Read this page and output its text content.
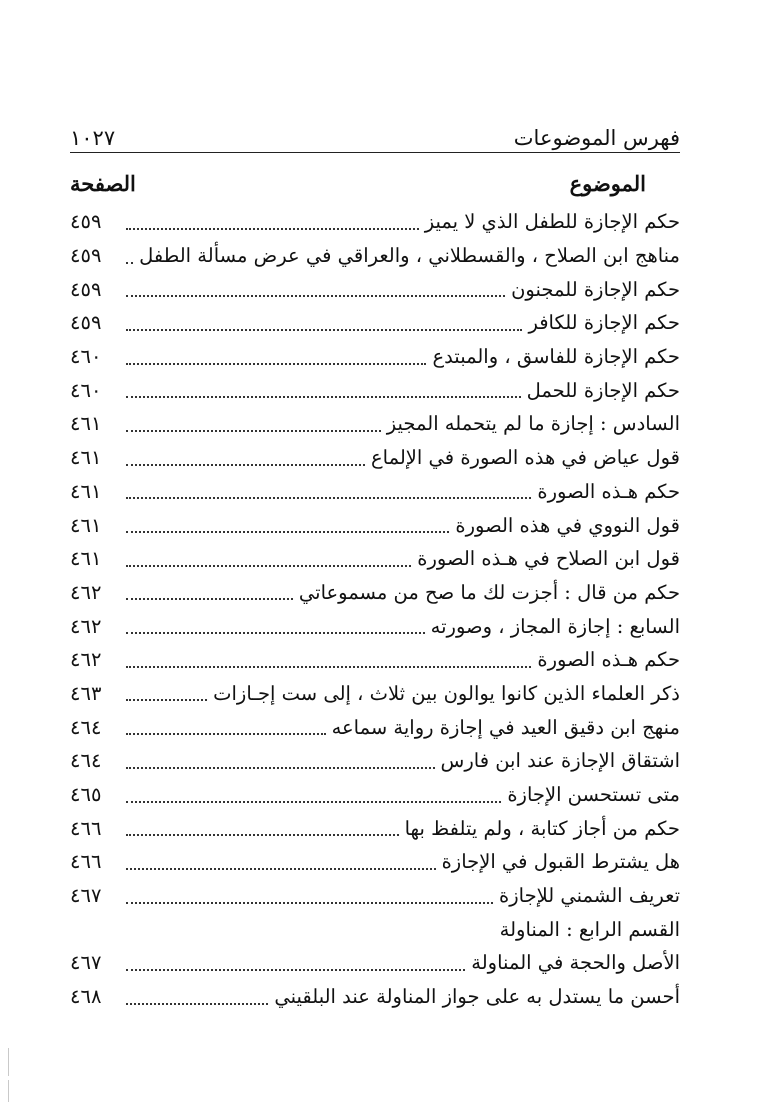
١٠٢٧	فهرس الموضوعات
الصفحة	الموضوع
حكم الإجازة للطفل الذي لا يميز
٤٥٩
مناهج ابن الصلاح ، والقسطلاني ، والعراقي في عرض مسألة الطفل
٤٥٩
حكم الإجازة للمجنون
٤٥٩
حكم الإجازة للكافر
٤٥٩
حكم الإجازة للفاسق ، والمبتدع
٤٦٠
حكم الإجازة للحمل
٤٦٠
السادس : إجازة ما لم يتحمله المجيز
٤٦١
قول عياض في هذه الصورة في الإلماع
٤٦١
حكم هـذه الصورة
٤٦١
قول النووي في هذه الصورة
٤٦١
قول ابن الصلاح في هـذه الصورة
٤٦١
حكم من قال : أجزت لك ما صح من مسموعاتي
٤٦٢
السابع : إجازة المجاز ، وصورته
٤٦٢
حكم هـذه الصورة
٤٦٢
ذكر العلماء الذين كانوا يوالون بين ثلاث ، إلى ست إجـازات
٤٦٣
منهج ابن دقيق العيد في إجازة رواية سماعه
٤٦٤
اشتقاق الإجازة عند ابن فارس
٤٦٤
متى تستحسن الإجازة
٤٦٥
حكم من أجاز كتابة ، ولم يتلفظ بها
٤٦٦
هل يشترط القبول في الإجازة
٤٦٦
تعريف الشمني للإجازة
٤٦٧
القسم الرابع : المناولة
الأصل والحجة في المناولة
٤٦٧
أحسن ما يستدل به على جواز المناولة عند البلقيني
٤٦٨
